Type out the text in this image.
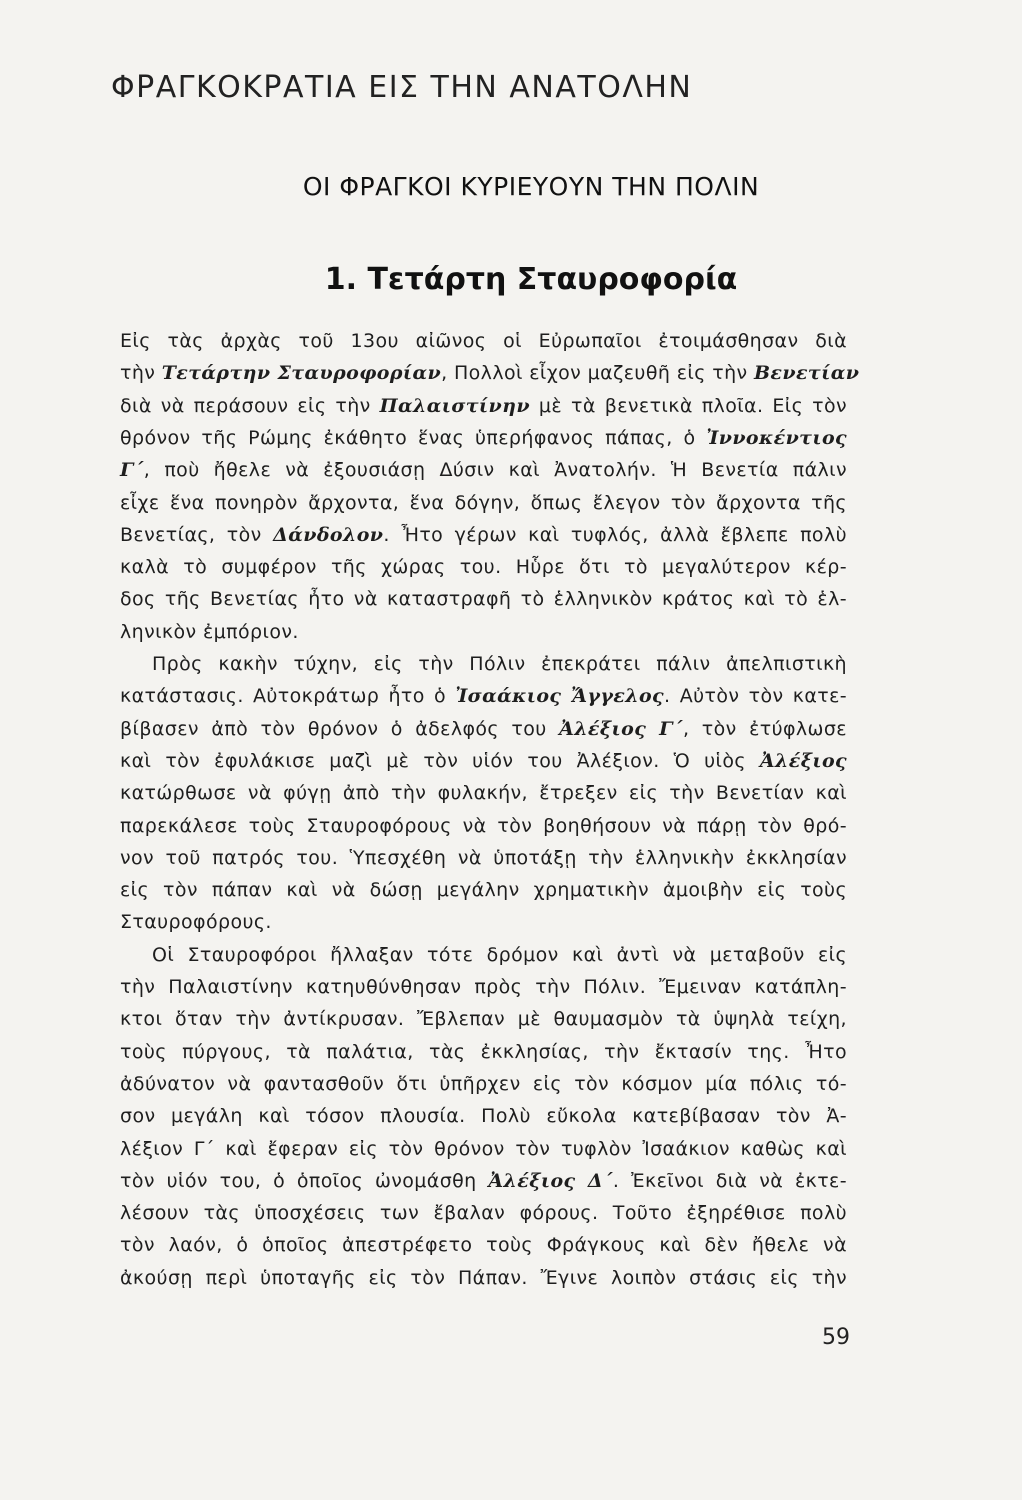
ΦΡΑΓΚΟΚΡΑΤΙΑ ΕΙΣ ΤΗΝ ΑΝΑΤΟΛΗΝ
ΟΙ ΦΡΑΓΚΟΙ ΚΥΡΙΕΥΟΥΝ ΤΗΝ ΠΟΛΙΝ
1. Τετάρτη Σταυροφορία
Εἰς τὰς ἀρχὰς τοῦ 13ου αἰῶνος οἱ Εὐρωπαῖοι ἐτοιμάσθησαν διὰ
τὴν Τετάρτην Σταυροφορίαν, Πολλοὶ εἶχον μαζευθῆ εἰς τὴν Βενετίαν
διὰ νὰ περάσουν εἰς τὴν Παλαιστίνην μὲ τὰ βενετικὰ πλοῖα. Εἰς τὸν
θρόνον τῆς Ρώμης ἐκάθητο ἕνας ὑπερήφανος πάπας, ὁ Ἰννοκέντιος
Γ΄, ποὺ ἤθελε νὰ ἐξουσιάσῃ Δύσιν καὶ Ἀνατολήν. Ἡ Βενετία πάλιν
εἶχε ἕνα πονηρὸν ἄρχοντα, ἕνα δόγην, ὅπως ἔλεγον τὸν ἄρχοντα τῆς
Βενετίας, τὸν Δάνδολον. Ἦτο γέρων καὶ τυφλός, ἀλλὰ ἔβλεπε πολὺ
καλὰ τὸ συμφέρον τῆς χώρας του. Ηὗρε ὅτι τὸ μεγαλύτερον κέρ-
δος τῆς Βενετίας ἦτο νὰ καταστραφῆ τὸ ἑλληνικὸν κράτος καὶ τὸ ἑλ-
ληνικὸν ἐμπόριον.
Πρὸς κακὴν τύχην, εἰς τὴν Πόλιν ἐπεκράτει πάλιν ἀπελπιστικὴ
κατάστασις. Αὐτοκράτωρ ἦτο ὁ Ἰσαάκιος Ἄγγελος. Αὐτὸν τὸν κατε-
βίβασεν ἀπὸ τὸν θρόνον ὁ ἀδελφός του Ἀλέξιος Γ΄, τὸν ἐτύφλωσε
καὶ τὸν ἐφυλάκισε μαζὶ μὲ τὸν υἱόν του Ἀλέξιον. Ὁ υἱὸς Ἀλέξιος
κατώρθωσε νὰ φύγῃ ἀπὸ τὴν φυλακήν, ἔτρεξεν εἰς τὴν Βενετίαν καὶ
παρεκάλεσε τοὺς Σταυροφόρους νὰ τὸν βοηθήσουν νὰ πάρῃ τὸν θρό-
νον τοῦ πατρός του. Ὑπεσχέθη νὰ ὑποτάξῃ τὴν ἑλληνικὴν ἐκκλησίαν
εἰς τὸν πάπαν καὶ νὰ δώσῃ μεγάλην χρηματικὴν ἀμοιβὴν εἰς τοὺς
Σταυροφόρους.
Οἱ Σταυροφόροι ἤλλαξαν τότε δρόμον καὶ ἀντὶ νὰ μεταβοῦν εἰς
τὴν Παλαιστίνην κατηυθύνθησαν πρὸς τὴν Πόλιν. Ἔμειναν κατάπλη-
κτοι ὅταν τὴν ἀντίκρυσαν. Ἔβλεπαν μὲ θαυμασμὸν τὰ ὑψηλὰ τείχη,
τοὺς πύργους, τὰ παλάτια, τὰς ἐκκλησίας, τὴν ἔκτασίν της. Ἦτο
ἀδύνατον νὰ φαντασθοῦν ὅτι ὑπῆρχεν εἰς τὸν κόσμον μία πόλις τό-
σον μεγάλη καὶ τόσον πλουσία. Πολὺ εὔκολα κατεβίβασαν τὸν Ἀ-
λέξιον Γ΄ καὶ ἔφεραν εἰς τὸν θρόνον τὸν τυφλὸν Ἰσαάκιον καθὼς καὶ
τὸν υἱόν του, ὁ ὁποῖος ὠνομάσθη Ἀλέξιος Δ΄. Ἐκεῖνοι διὰ νὰ ἐκτε-
λέσουν τὰς ὑποσχέσεις των ἔβαλαν φόρους. Τοῦτο ἐξηρέθισε πολὺ
τὸν λαόν, ὁ ὁποῖος ἀπεστρέφετο τοὺς Φράγκους καὶ δὲν ἤθελε νὰ
ἀκούσῃ περὶ ὑποταγῆς εἰς τὸν Πάπαν. Ἔγινε λοιπὸν στάσις εἰς τὴν
59
